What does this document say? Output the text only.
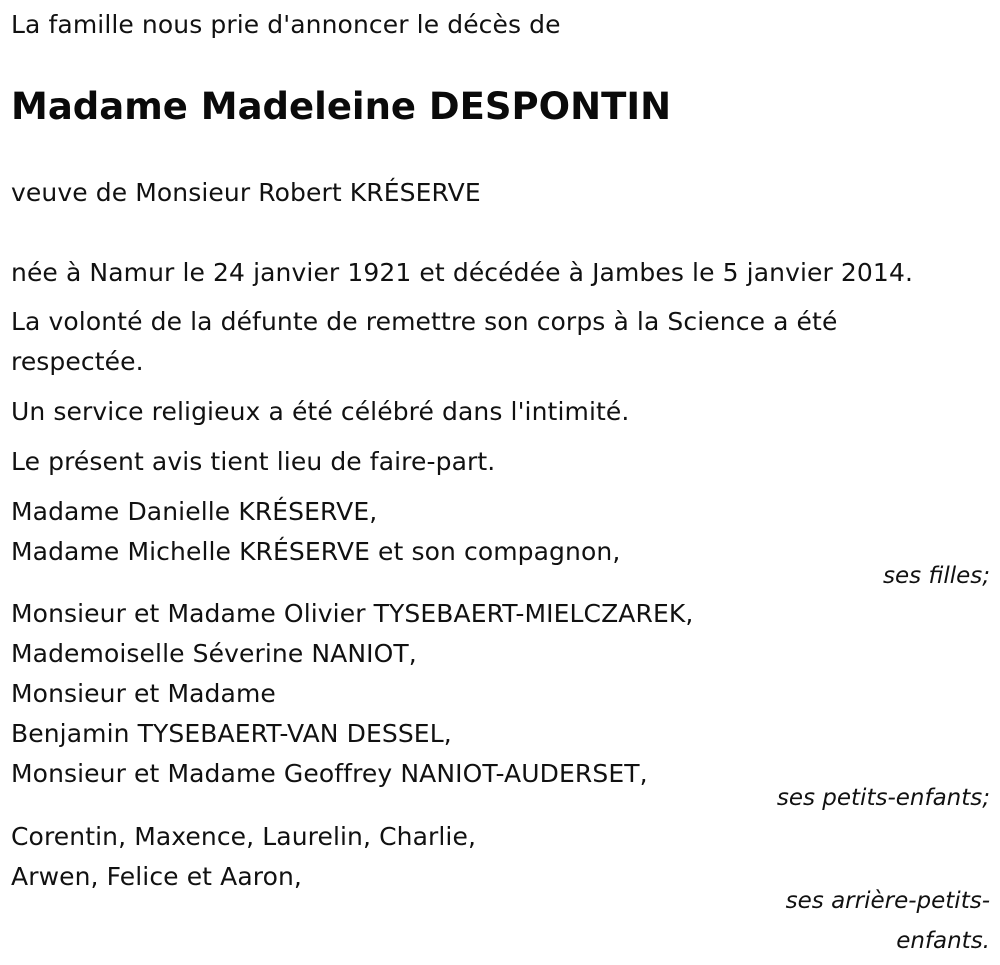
La famille nous prie d'annoncer le décès de
Madame Madeleine DESPONTIN
veuve de Monsieur Robert KRÉSERVE
née à Namur le 24 janvier 1921 et décédée à Jambes le 5 janvier 2014.
La volonté de la défunte de remettre son corps à la Science a été
respectée.
Un service religieux a été célébré dans l'intimité.
Le présent avis tient lieu de faire-part.
Madame Danielle KRÉSERVE,
Madame Michelle KRÉSERVE et son compagnon,
ses filles;
Monsieur et Madame Olivier TYSEBAERT-MIELCZAREK,
Mademoiselle Séverine NANIOT,
Monsieur et Madame
Benjamin TYSEBAERT-VAN DESSEL,
Monsieur et Madame Geoffrey NANIOT-AUDERSET,
ses petits-enfants;
Corentin, Maxence, Laurelin, Charlie,
Arwen, Felice et Aaron,
ses arrière-petits-
enfants.
